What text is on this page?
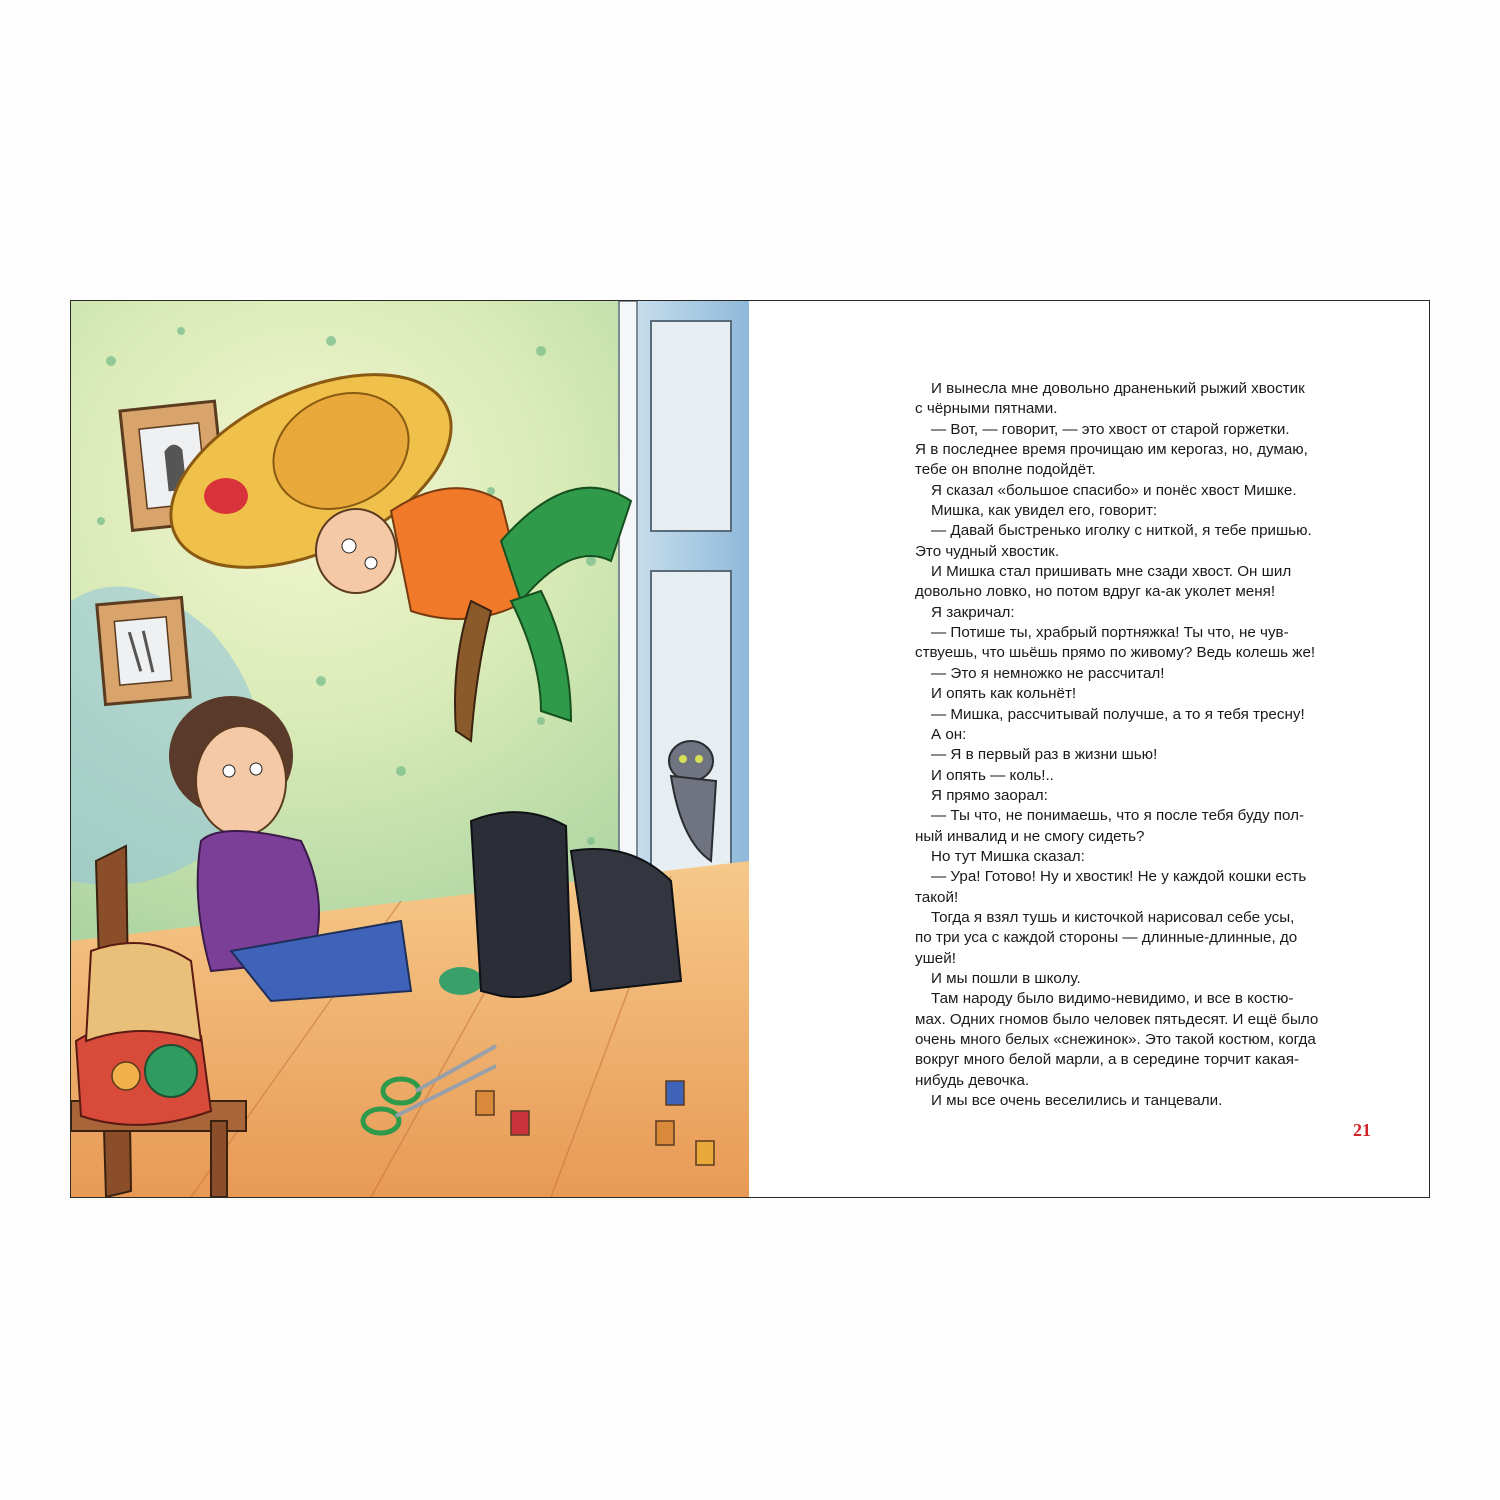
И вынесла мне довольно драненький рыжий хвостик
с чёрными пятнами.
— Вот, — говорит, — это хвост от старой горжетки.
Я в последнее время прочищаю им керогаз, но, думаю,
тебе он вполне подойдёт.
Я сказал «большое спасибо» и понёс хвост Мишке.
Мишка, как увидел его, говорит:
— Давай быстренько иголку с ниткой, я тебе пришью.
Это чудный хвостик.
И Мишка стал пришивать мне сзади хвост. Он шил
довольно ловко, но потом вдруг ка-ак уколет меня!
Я закричал:
— Потише ты, храбрый портняжка! Ты что, не чув-
ствуешь, что шьёшь прямо по живому? Ведь колешь же!
— Это я немножко не рассчитал!
И опять как кольнёт!
— Мишка, рассчитывай получше, а то я тебя тресну!
А он:
— Я в первый раз в жизни шью!
И опять — коль!..
Я прямо заорал:
— Ты что, не понимаешь, что я после тебя буду пол-
ный инвалид и не смогу сидеть?
Но тут Мишка сказал:
— Ура! Готово! Ну и хвостик! Не у каждой кошки есть
такой!
Тогда я взял тушь и кисточкой нарисовал себе усы,
по три уса с каждой стороны — длинные-длинные, до
ушей!
И мы пошли в школу.
Там народу было видимо-невидимо, и все в костю-
мах. Одних гномов было человек пятьдесят. И ещё было
очень много белых «снежинок». Это такой костюм, когда
вокруг много белой марли, а в середине торчит какая-
нибудь девочка.
И мы все очень веселились и танцевали.
21
